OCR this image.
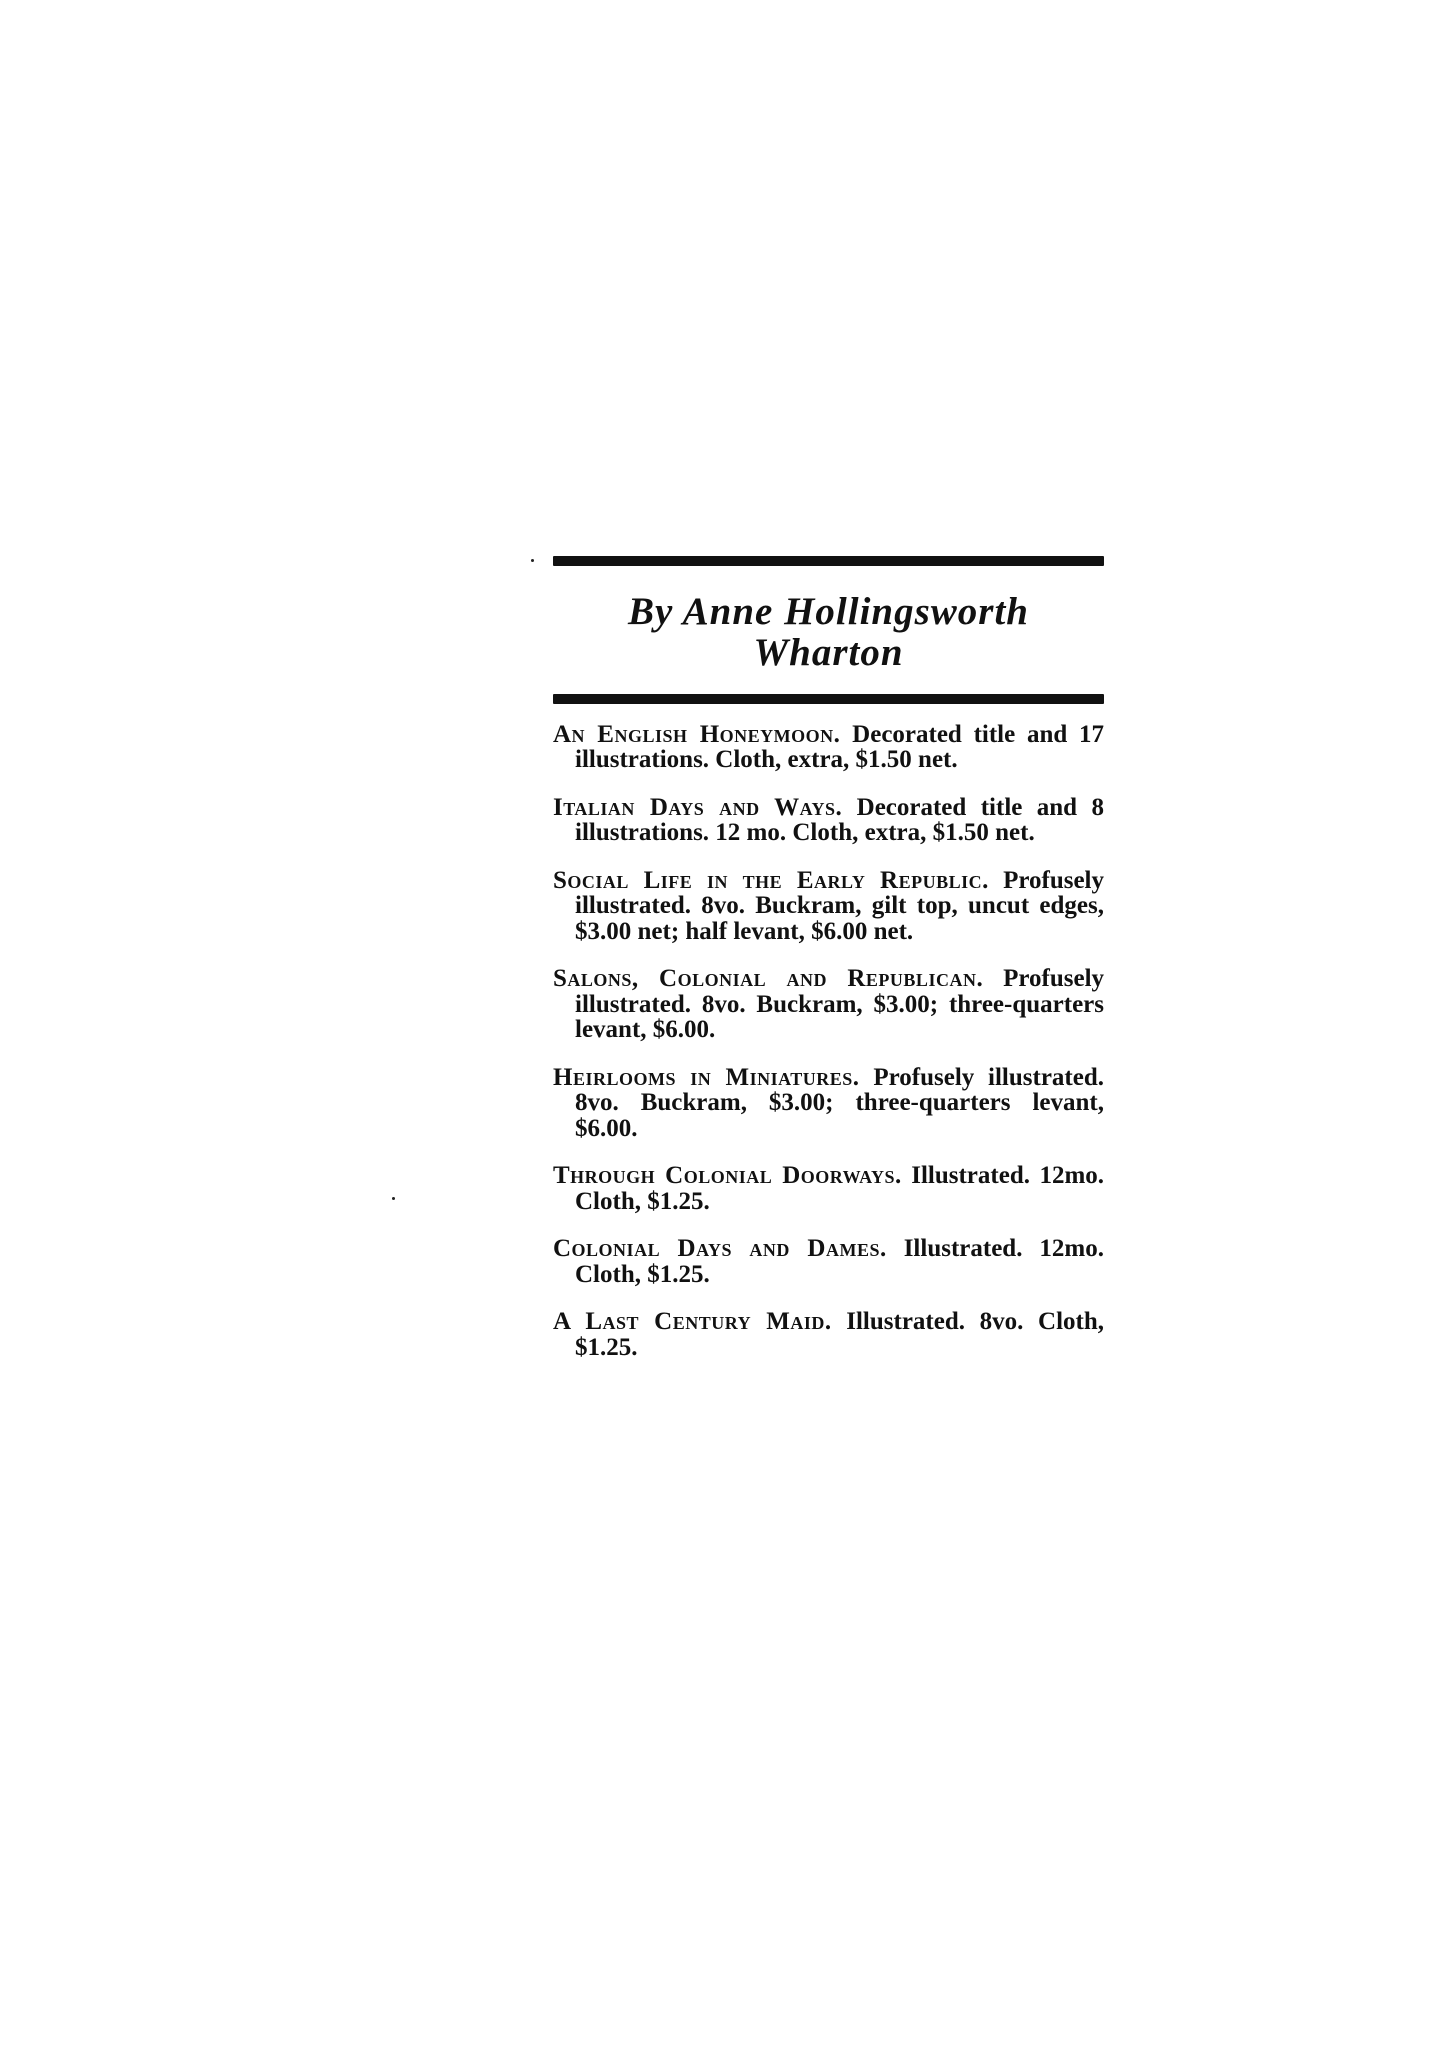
By Anne Hollingsworth Wharton
An English Honeymoon. Decorated title and 17 illustrations. Cloth, extra, $1.50 net.
Italian Days and Ways. Decorated title and 8 illustrations. 12 mo. Cloth, extra, $1.50 net.
Social Life in the Early Republic. Profusely illustrated. 8vo. Buckram, gilt top, uncut edges, $3.00 net; half levant, $6.00 net.
Salons, Colonial and Republican. Profusely illustrated. 8vo. Buckram, $3.00; three-quarters levant, $6.00.
Heirlooms in Miniatures. Profusely illustrated. 8vo. Buckram, $3.00; three-quarters levant, $6.00.
Through Colonial Doorways. Illustrated. 12mo. Cloth, $1.25.
Colonial Days and Dames. Illustrated. 12mo. Cloth, $1.25.
A Last Century Maid. Illustrated. 8vo. Cloth, $1.25.
